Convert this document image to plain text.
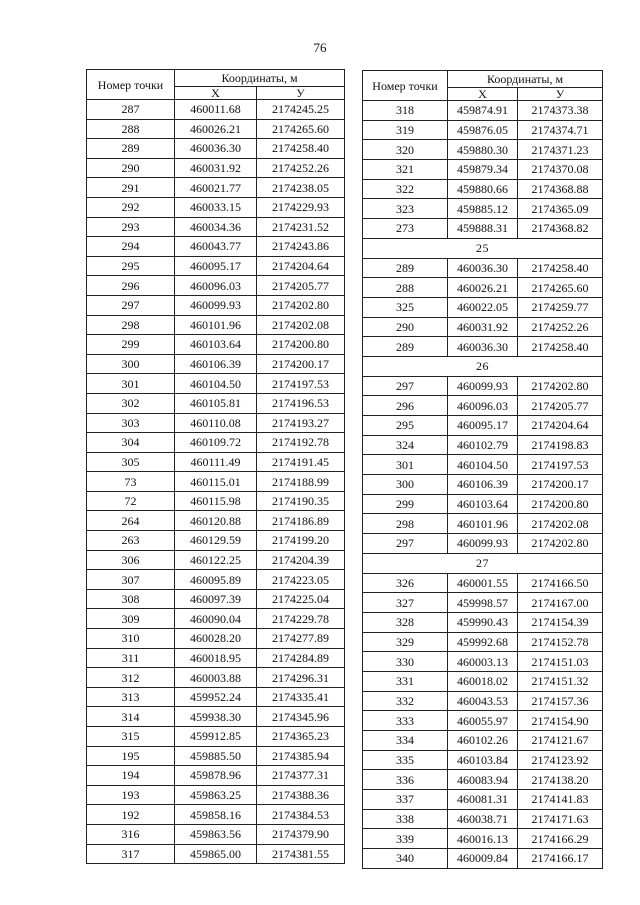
76
Номер точки	Координаты, м	
	Х	У
287	460011.68	2174245.25
288	460026.21	2174265.60
289	460036.30	2174258.40
290	460031.92	2174252.26
291	460021.77	2174238.05
292	460033.15	2174229.93
293	460034.36	2174231.52
294	460043.77	2174243.86
295	460095.17	2174204.64
296	460096.03	2174205.77
297	460099.93	2174202.80
298	460101.96	2174202.08
299	460103.64	2174200.80
300	460106.39	2174200.17
301	460104.50	2174197.53
302	460105.81	2174196.53
303	460110.08	2174193.27
304	460109.72	2174192.78
305	460111.49	2174191.45
73	460115.01	2174188.99
72	460115.98	2174190.35
264	460120.88	2174186.89
263	460129.59	2174199.20
306	460122.25	2174204.39
307	460095.89	2174223.05
308	460097.39	2174225.04
309	460090.04	2174229.78
310	460028.20	2174277.89
311	460018.95	2174284.89
312	460003.88	2174296.31
313	459952.24	2174335.41
314	459938.30	2174345.96
315	459912.85	2174365.23
195	459885.50	2174385.94
194	459878.96	2174377.31
193	459863.25	2174388.36
192	459858.16	2174384.53
316	459863.56	2174379.90
317	459865.00	2174381.55
Номер точки	Координаты, м	
	Х	У
318	459874.91	2174373.38
319	459876.05	2174374.71
320	459880.30	2174371.23
321	459879.34	2174370.08
322	459880.66	2174368.88
323	459885.12	2174365.09
273	459888.31	2174368.82
25		
289	460036.30	2174258.40
288	460026.21	2174265.60
325	460022.05	2174259.77
290	460031.92	2174252.26
289	460036.30	2174258.40
26		
297	460099.93	2174202.80
296	460096.03	2174205.77
295	460095.17	2174204.64
324	460102.79	2174198.83
301	460104.50	2174197.53
300	460106.39	2174200.17
299	460103.64	2174200.80
298	460101.96	2174202.08
297	460099.93	2174202.80
27		
326	460001.55	2174166.50
327	459998.57	2174167.00
328	459990.43	2174154.39
329	459992.68	2174152.78
330	460003.13	2174151.03
331	460018.02	2174151.32
332	460043.53	2174157.36
333	460055.97	2174154.90
334	460102.26	2174121.67
335	460103.84	2174123.92
336	460083.94	2174138.20
337	460081.31	2174141.83
338	460038.71	2174171.63
339	460016.13	2174166.29
340	460009.84	2174166.17
